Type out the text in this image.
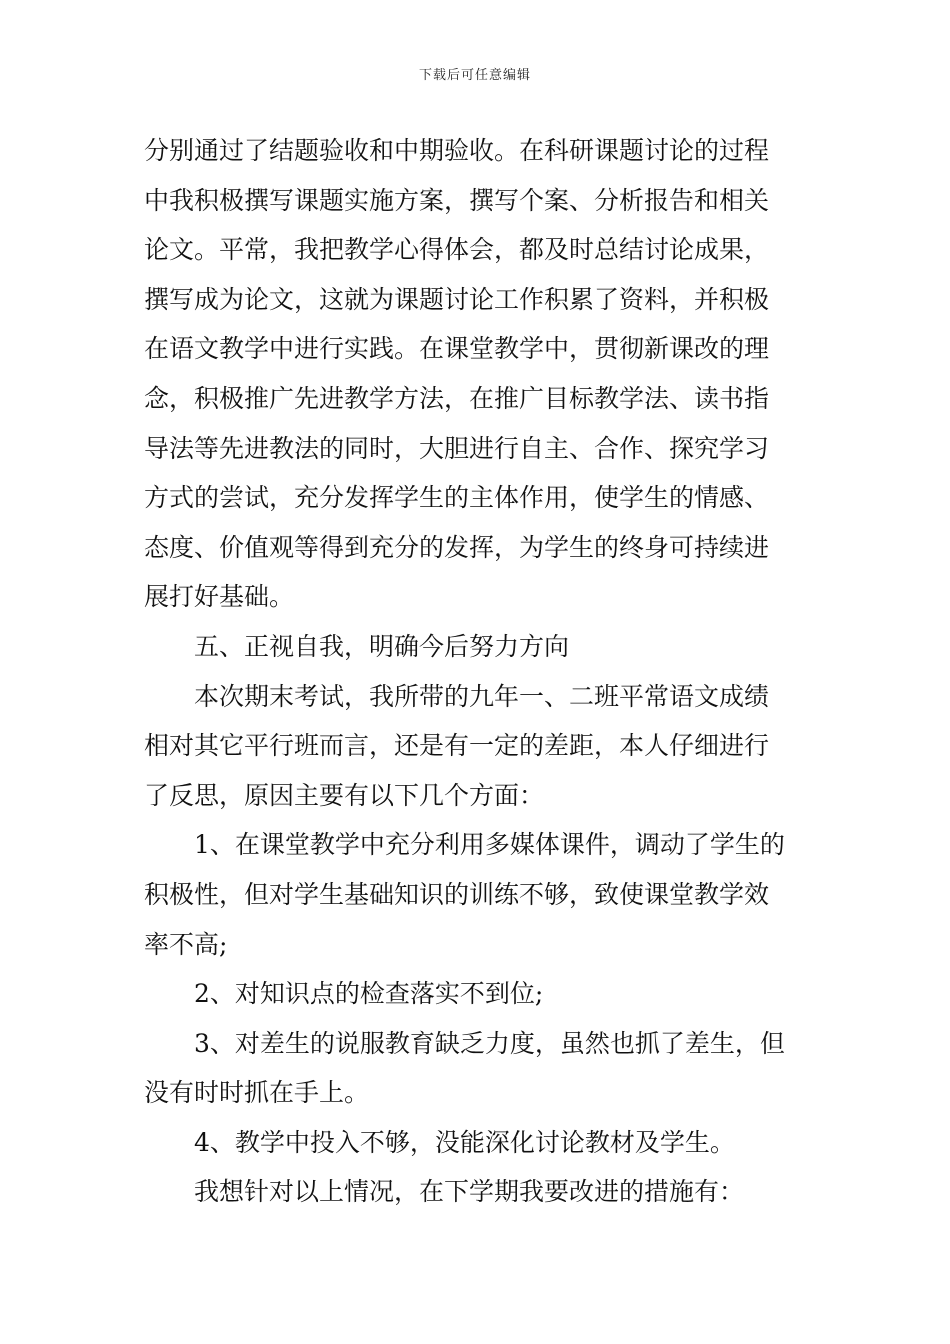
下载后可任意编辑
分别通过了结题验收和中期验收。在科研课题讨论的过程
中我积极撰写课题实施方案，撰写个案、分析报告和相关
论文。平常，我把教学心得体会，都及时总结讨论成果，
撰写成为论文，这就为课题讨论工作积累了资料，并积极
在语文教学中进行实践。在课堂教学中，贯彻新课改的理
念，积极推广先进教学方法，在推广目标教学法、读书指
导法等先进教法的同时，大胆进行自主、合作、探究学习
方式的尝试，充分发挥学生的主体作用，使学生的情感、
态度、价值观等得到充分的发挥，为学生的终身可持续进
展打好基础。
五、正视自我，明确今后努力方向
本次期末考试，我所带的九年一、二班平常语文成绩
相对其它平行班而言，还是有一定的差距，本人仔细进行
了反思，原因主要有以下几个方面：
1、在课堂教学中充分利用多媒体课件，调动了学生的
积极性，但对学生基础知识的训练不够，致使课堂教学效
率不高;
2、对知识点的检查落实不到位;
3、对差生的说服教育缺乏力度，虽然也抓了差生，但
没有时时抓在手上。
4、教学中投入不够，没能深化讨论教材及学生。
我想针对以上情况，在下学期我要改进的措施有：
